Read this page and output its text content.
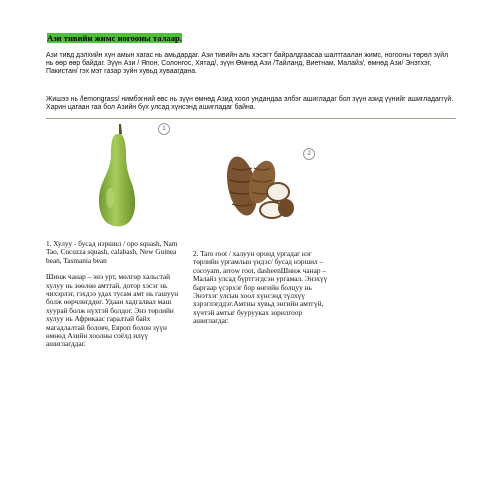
Ази тивийн жимс ногооны талаар.

Ази тивд дэлхийн хүн амын хагас нь амьдардаг. Ази тивийн аль хэсэгт байралдгаасаа шалтгаалан жимс, ногооны төрөл зүйл нь өөр өөр байдаг. Зүүн Ази / Япон, Солонгос, Хятад/, зүүн Өмнөд Ази /Тайланд, Виетнам, Малайз/, өмнөд Ази/ Энэтхэг, Пакистан/ гэх мэт газар зүйн хувьд хуваагдана.

Жишээ нь /lemongrass/ нимбэгний өвс нь зүүн өмнөд Азид хоол ундандаа элбэг ашигладаг бол зүүн азид үүнийг ашигладаггүй. Харин цагаан гаа бол Азийн бүх улсад хүнсэнд ашигладаг байна.

1
2

1. Хулуу - бусад нэршил / opo squash, Nam Tao, Cucuzza squash, calabash, New Guinea bean, Tasmania bean

Шинж чанар – энэ урт, мөлгөр хальстай хулуу нь зөөлөн амттай, дотор хэсэг нь чихэрлэг, гэхдээ удах тусам амт нь гашуун болж өөрчлөгддөг. Удаан хадгалвал маш хуурай болж нүхтэй болдог. Энэ төрлийн хулуу нь Африкаас гаралтай байх магадлалтай боловч, Европ болон зүүн өмнөд Азийн хоолны соёлд илүү ашиглагддаг.

2. Taro root / халуун оронд ургадаг нэг төрлийн ургамлын үндэс/ бусад нэршил – cocoyam, arrow root, dasheenШинж чанар – Малайз улсад бүртгэгдсэн ургамал. Энэхүү баргаар үсэрхэг бор өнгийн болцуу нь Энэтхэг улсын хоол хүнсэнд түлхүү хэрэглэгддэг.Амтны хувьд энгийн амтгүй, хүчтэй амтыг буурууках зорилгоор ашиглагдаг.
